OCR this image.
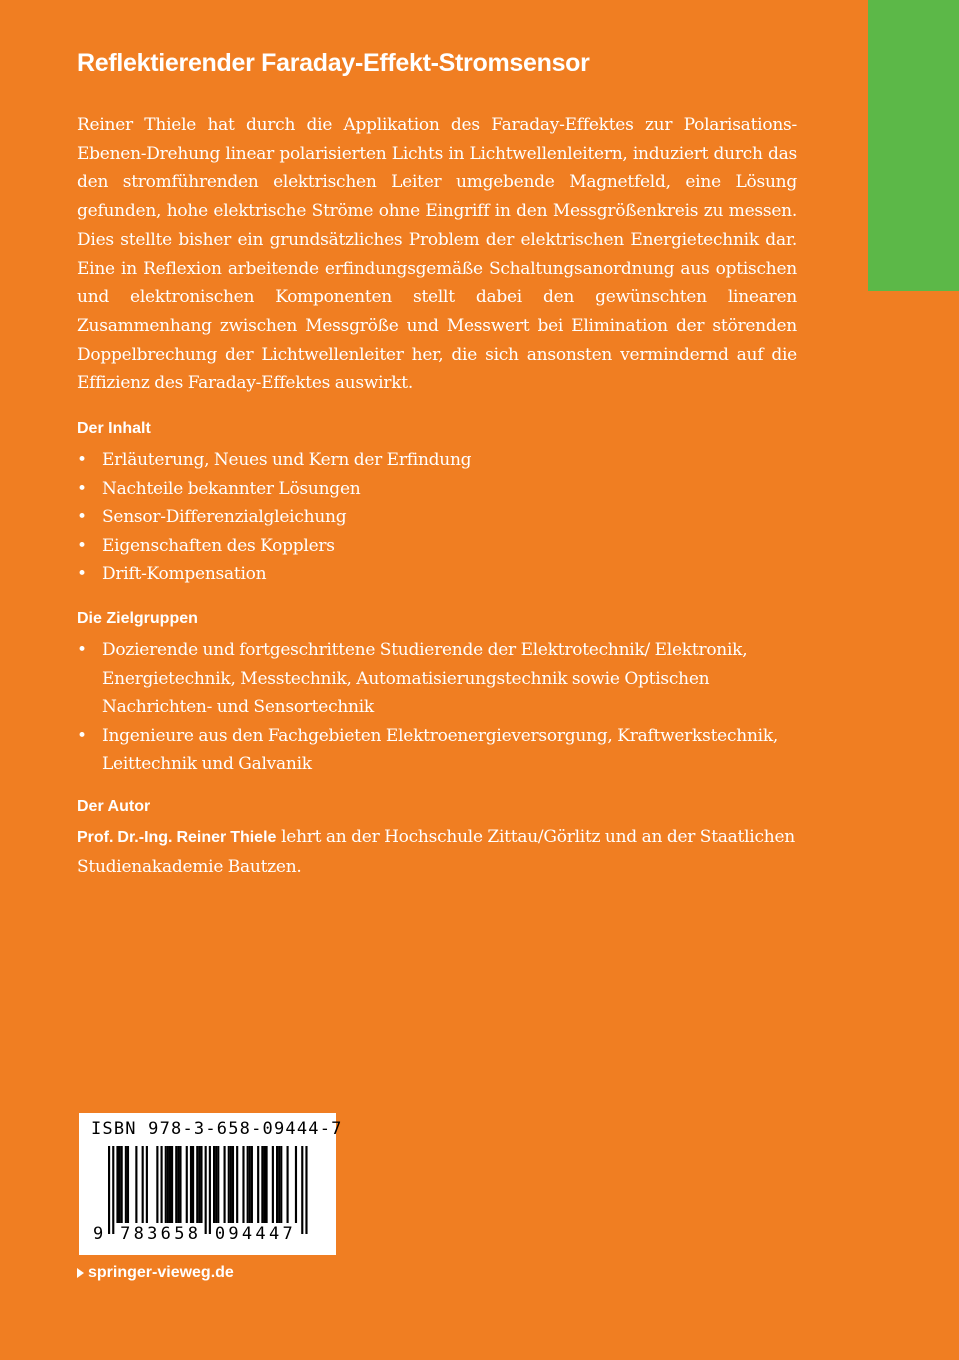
Reflektierender Faraday-Effekt-Stromsensor

Reiner Thiele hat durch die Applikation des Faraday-Effektes zur Polarisations-Ebenen-Drehung linear polarisierten Lichts in Lichtwellenleitern, induziert durch das den stromführenden elektrischen Leiter umgebende Magnetfeld, eine Lösung gefunden, hohe elektrische Ströme ohne Eingriff in den Messgrößenkreis zu messen. Dies stellte bisher ein grundsätzliches Problem der elektrischen Energietechnik dar. Eine in Reflexion arbeitende erfindungsgemäße Schaltungsanordnung aus optischen und elektronischen Komponenten stellt dabei den gewünschten linearen Zusammenhang zwischen Messgröße und Messwert bei Elimination der störenden Doppelbrechung der Lichtwellenleiter her, die sich ansonsten vermindernd auf die Effizienz des Faraday-Effektes auswirkt.

Der Inhalt
• Erläuterung, Neues und Kern der Erfindung
• Nachteile bekannter Lösungen
• Sensor-Differenzialgleichung
• Eigenschaften des Kopplers
• Drift-Kompensation
Die Zielgruppen
• Dozierende und fortgeschrittene Studierende der Elektrotechnik/ Elektronik, Energietechnik, Messtechnik, Automatisierungstechnik sowie Optischen Nachrichten- und Sensortechnik
• Ingenieure aus den Fachgebieten Elektroenergieversorgung, Kraftwerkstechnik, Leittechnik und Galvanik
Der Autor

Prof. Dr.-Ing. Reiner Thiele lehrt an der Hochschule Zittau/Görlitz und an der Staatlichen Studienakademie Bautzen.

ISBN 978-3-658-09444-7
9 783658 094447
springer-vieweg.de
